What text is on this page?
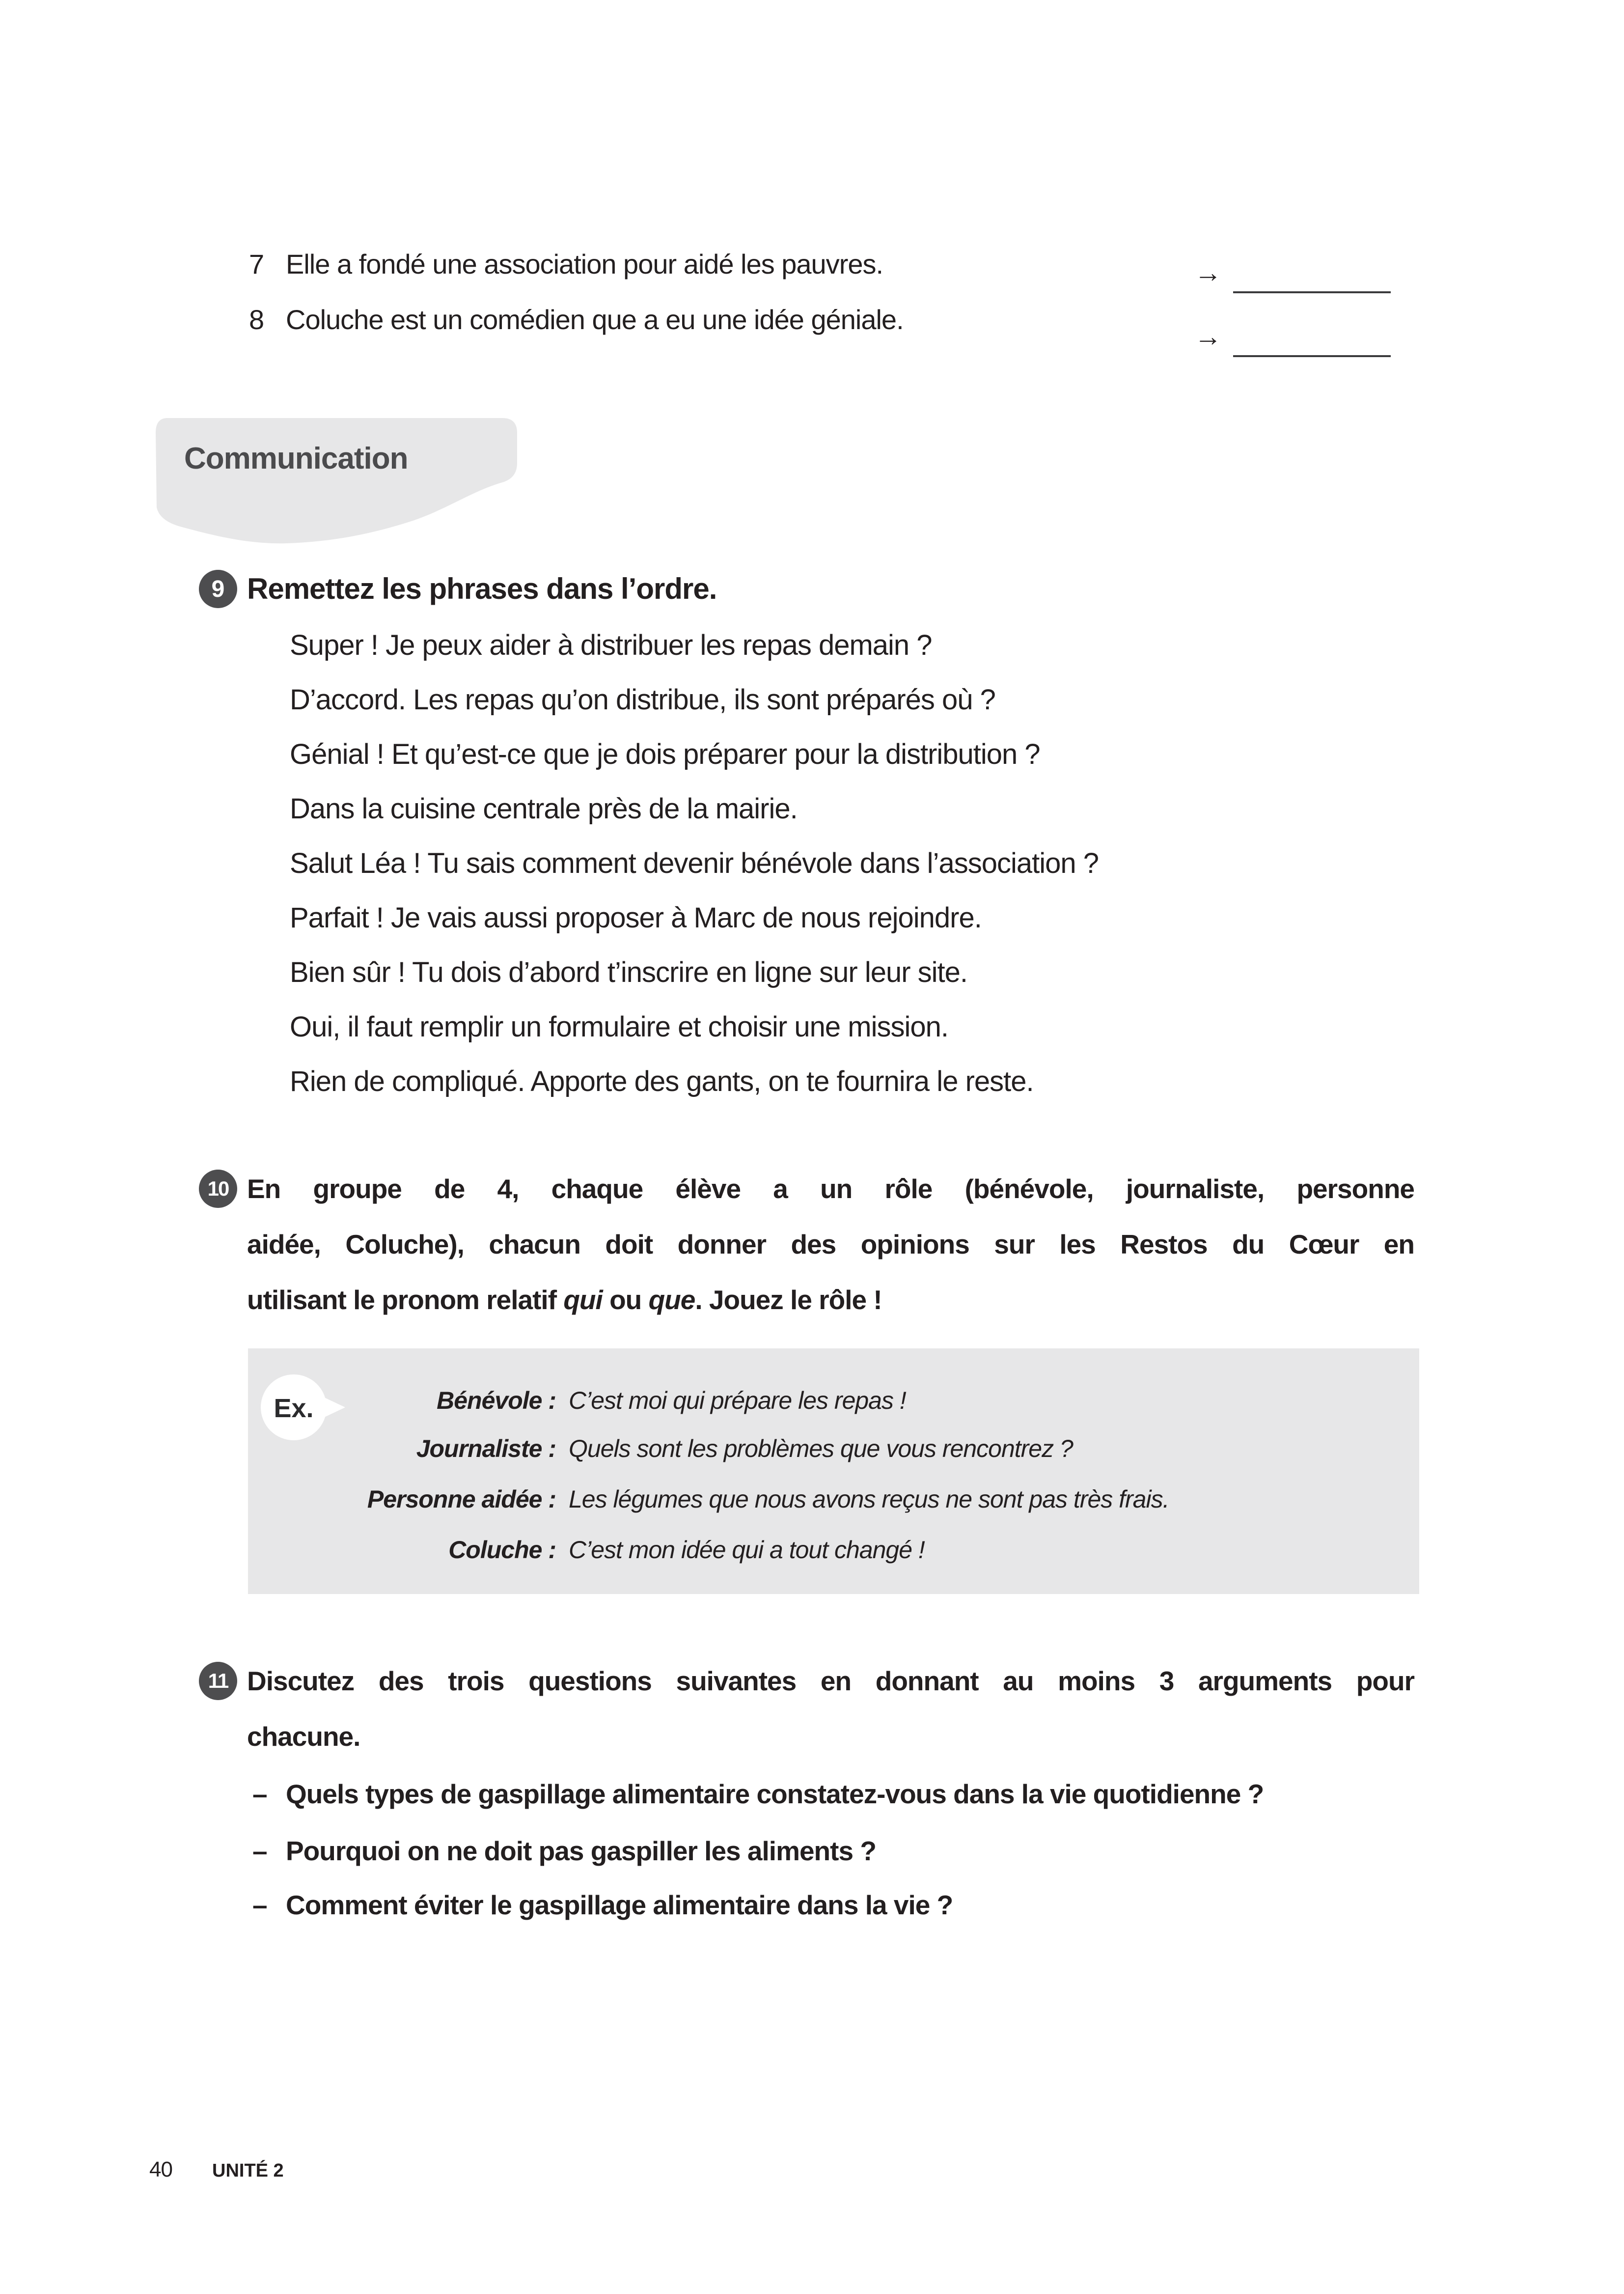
7 Elle a fondé une association pour aidé les pauvres.	→
8 Coluche est un comédien que a eu une idée géniale.
→
Communication
9 Remettez les phrases dans l’ordre.
Super ! Je peux aider à distribuer les repas demain ?
D’accord. Les repas qu’on distribue, ils sont préparés où ?
Génial ! Et qu’est-ce que je dois préparer pour la distribution ?
Dans la cuisine centrale près de la mairie.
Salut Léa ! Tu sais comment devenir bénévole dans l’association ?
Parfait ! Je vais aussi proposer à Marc de nous rejoindre.
Bien sûr ! Tu dois d’abord t’inscrire en ligne sur leur site.
Oui, il faut remplir un formulaire et choisir une mission.
Rien de compliqué. Apporte des gants, on te fournira le reste.
10 En groupe de 4, chaque élève a un rôle (bénévole, journaliste, personne
aidée, Coluche), chacun doit donner des opinions sur les Restos du Cœur en
utilisant le pronom relatif qui ou que. Jouez le rôle !
Ex.	Bénévole : C’est moi qui prépare les repas !
Journaliste : Quels sont les problèmes que vous rencontrez ?
Personne aidée : Les légumes que nous avons reçus ne sont pas très frais.
Coluche : C’est mon idée qui a tout changé !
11 Discutez des trois questions suivantes en donnant au moins 3 arguments pour
chacune.
– Quels types de gaspillage alimentaire constatez-vous dans la vie quotidienne ?
– Pourquoi on ne doit pas gaspiller les aliments ?
– Comment éviter le gaspillage alimentaire dans la vie ?
40 UNITÉ 2
